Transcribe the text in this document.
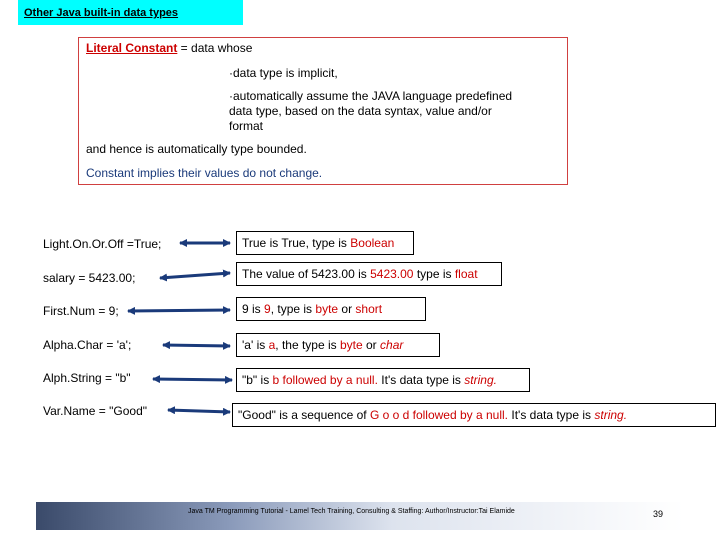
Other Java built-in data types
Literal Constant = data whose
·data type is implicit,
·automatically assume the JAVA language predefined
data type, based on the data syntax, value and/or
format
and hence is automatically type bounded.
Constant implies their values do not change.
Light.On.Or.Off =True;
salary = 5423.00;
First.Num = 9;
Alpha.Char = 'a';
Alph.String = "b"
Var.Name = "Good"
True is True, type is Boolean
The value of 5423.00 is 5423.00 type is float
9 is 9, type is byte or short
'a' is a, the type is byte or char
"b" is b followed by a null. It's data type is string.
"Good" is a sequence of G o o d followed by a null. It's data type is string.
Java TM Programming Tutorial - Lamel Tech Training, Consulting & Staffing: Author/Instructor:Tai Elamide	39
